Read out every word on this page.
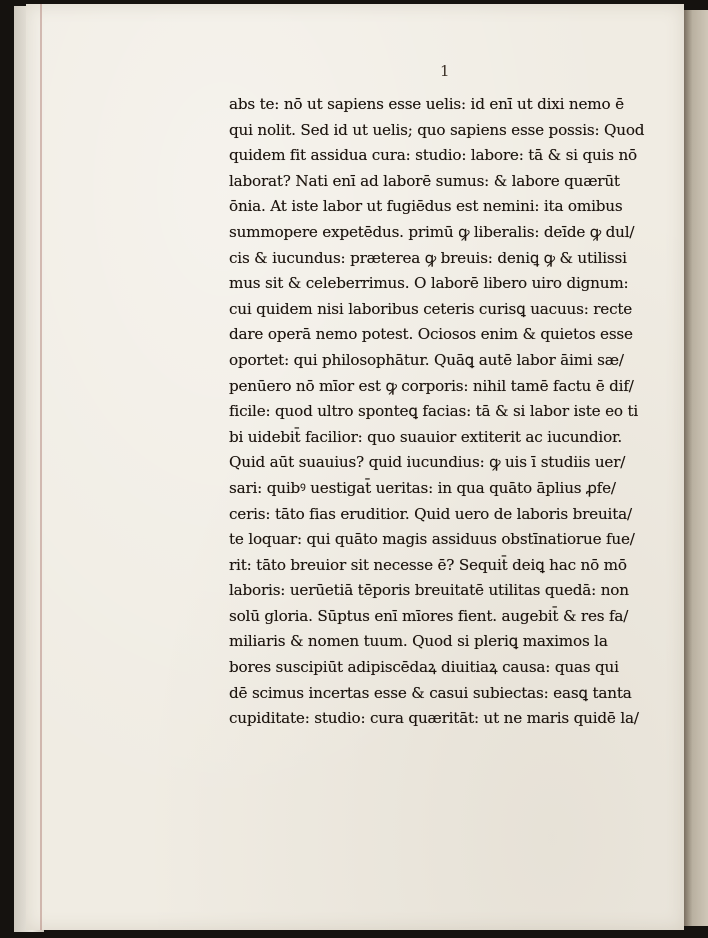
1
abs te: nō ut sapiens esse uelis: id enī ut dixi nemo ē
qui nolit. Sed id ut uelis; quo sapiens esse possis: Quod
quidem fit assidua cura: studio: labore: tā & si quis nō
laborat? Nati enī ad laborē sumus: & labore quærūt
ōnia. At iste labor ut fugiēdus est nemini: ita omibus
summopere expetēdus. primū ꝙ liberalis: deīde ꝙ dul/
cis & iucundus: præterea ꝙ breuis: deniꝗ ꝙ & utilissi
mus sit & celeberrimus. O laborē libero uiro dignum:
cui quidem nisi laboribus ceteris curisꝗ uacuus: recte
dare operā nemo potest. Ociosos enim & quietos esse
oportet: qui philosophātur. Quāꝗ autē labor āimi sæ/
penūero nō mīor est ꝙ corporis: nihil tamē factu ē dif/
ficile: quod ultro sponteꝗ facias: tā & si labor iste eo ti
bi uidebit̄ facilior: quo suauior extiterit ac iucundior.
Quid aūt suauius? quid iucundius: ꝙ uis ī studiis uer/
sari: quibꝰ uestigat̄ ueritas: in qua quāto āplius ꝓfe/
ceris: tāto fias eruditior. Quid uero de laboris breuita/
te loquar: qui quāto magis assiduus obstīnatiorue fue/
rit: tāto breuior sit necesse ē? Sequit̄ deiꝗ hac nō mō
laboris: uerūetiā tēporis breuitatē utilitas quedā: non
solū gloria. Sūptus enī mīores fient. augebit̄ & res fa/
miliaris & nomen tuum. Quod si pleriꝗ maximos la
bores suscipiūt adipiscēdaꝝ diuitiaꝝ causa: quas qui
dē scimus incertas esse & casui subiectas: easꝗ tanta
cupiditate: studio: cura quæritāt: ut ne maris quidē la/
